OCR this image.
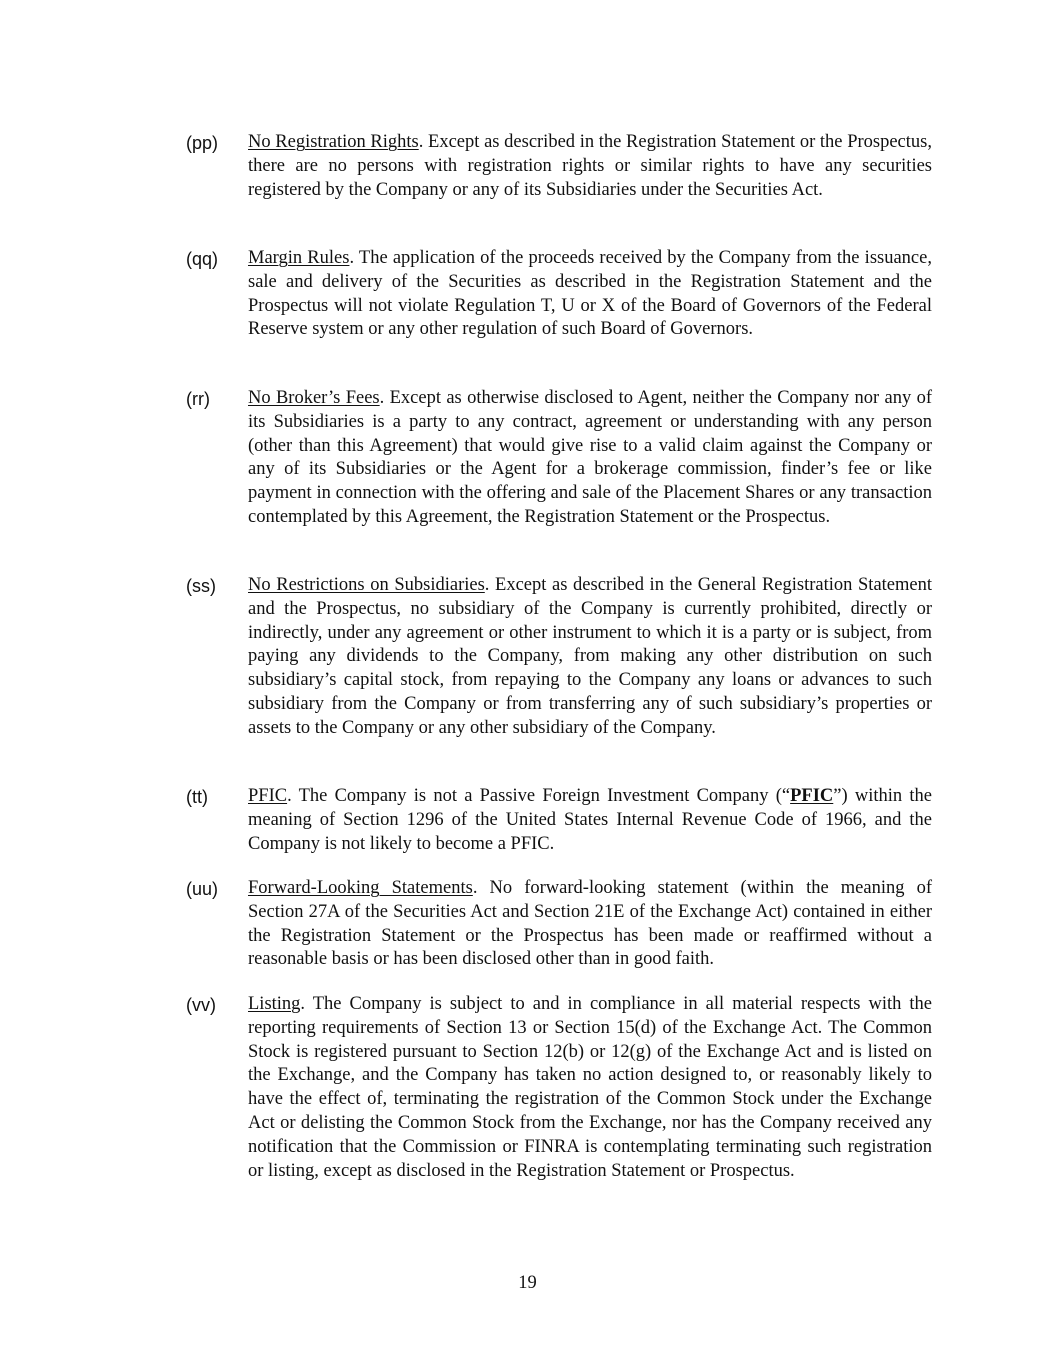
(pp) No Registration Rights. Except as described in the Registration Statement or the Prospectus, there are no persons with registration rights or similar rights to have any securities registered by the Company or any of its Subsidiaries under the Securities Act.
(qq) Margin Rules. The application of the proceeds received by the Company from the issuance, sale and delivery of the Securities as described in the Registration Statement and the Prospectus will not violate Regulation T, U or X of the Board of Governors of the Federal Reserve system or any other regulation of such Board of Governors.
(rr) No Broker’s Fees. Except as otherwise disclosed to Agent, neither the Company nor any of its Subsidiaries is a party to any contract, agreement or understanding with any person (other than this Agreement) that would give rise to a valid claim against the Company or any of its Subsidiaries or the Agent for a brokerage commission, finder’s fee or like payment in connection with the offering and sale of the Placement Shares or any transaction contemplated by this Agreement, the Registration Statement or the Prospectus.
(ss) No Restrictions on Subsidiaries. Except as described in the General Registration Statement and the Prospectus, no subsidiary of the Company is currently prohibited, directly or indirectly, under any agreement or other instrument to which it is a party or is subject, from paying any dividends to the Company, from making any other distribution on such subsidiary’s capital stock, from repaying to the Company any loans or advances to such subsidiary from the Company or from transferring any of such subsidiary’s properties or assets to the Company or any other subsidiary of the Company.
(tt) PFIC. The Company is not a Passive Foreign Investment Company (“PFIC”) within the meaning of Section 1296 of the United States Internal Revenue Code of 1966, and the Company is not likely to become a PFIC.
(uu) Forward-Looking Statements. No forward-looking statement (within the meaning of Section 27A of the Securities Act and Section 21E of the Exchange Act) contained in either the Registration Statement or the Prospectus has been made or reaffirmed without a reasonable basis or has been disclosed other than in good faith.
(vv) Listing. The Company is subject to and in compliance in all material respects with the reporting requirements of Section 13 or Section 15(d) of the Exchange Act. The Common Stock is registered pursuant to Section 12(b) or 12(g) of the Exchange Act and is listed on the Exchange, and the Company has taken no action designed to, or reasonably likely to have the effect of, terminating the registration of the Common Stock under the Exchange Act or delisting the Common Stock from the Exchange, nor has the Company received any notification that the Commission or FINRA is contemplating terminating such registration or listing, except as disclosed in the Registration Statement or Prospectus.
19
